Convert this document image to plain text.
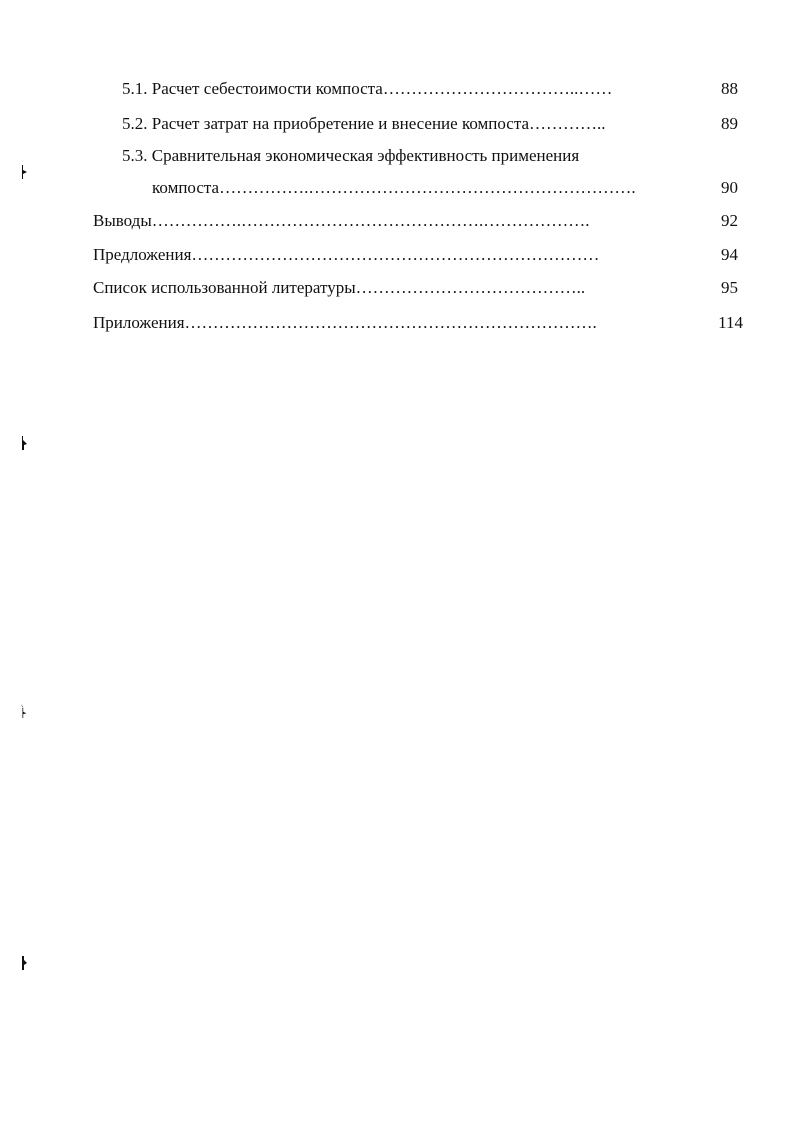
5.1. Расчет себестоимости компоста……………………………..……	88
5.2. Расчет затрат на приобретение и внесение компоста…………..	89
5.3. Сравнительная экономическая эффективность применения
компоста…………….………………………………………………….	90
Выводы…………….…………………………………….……………….	92
Предложения………………………………………………………………	94
Список использованной литературы…………………………………..	95
Приложения……………………………………………………………….	114
